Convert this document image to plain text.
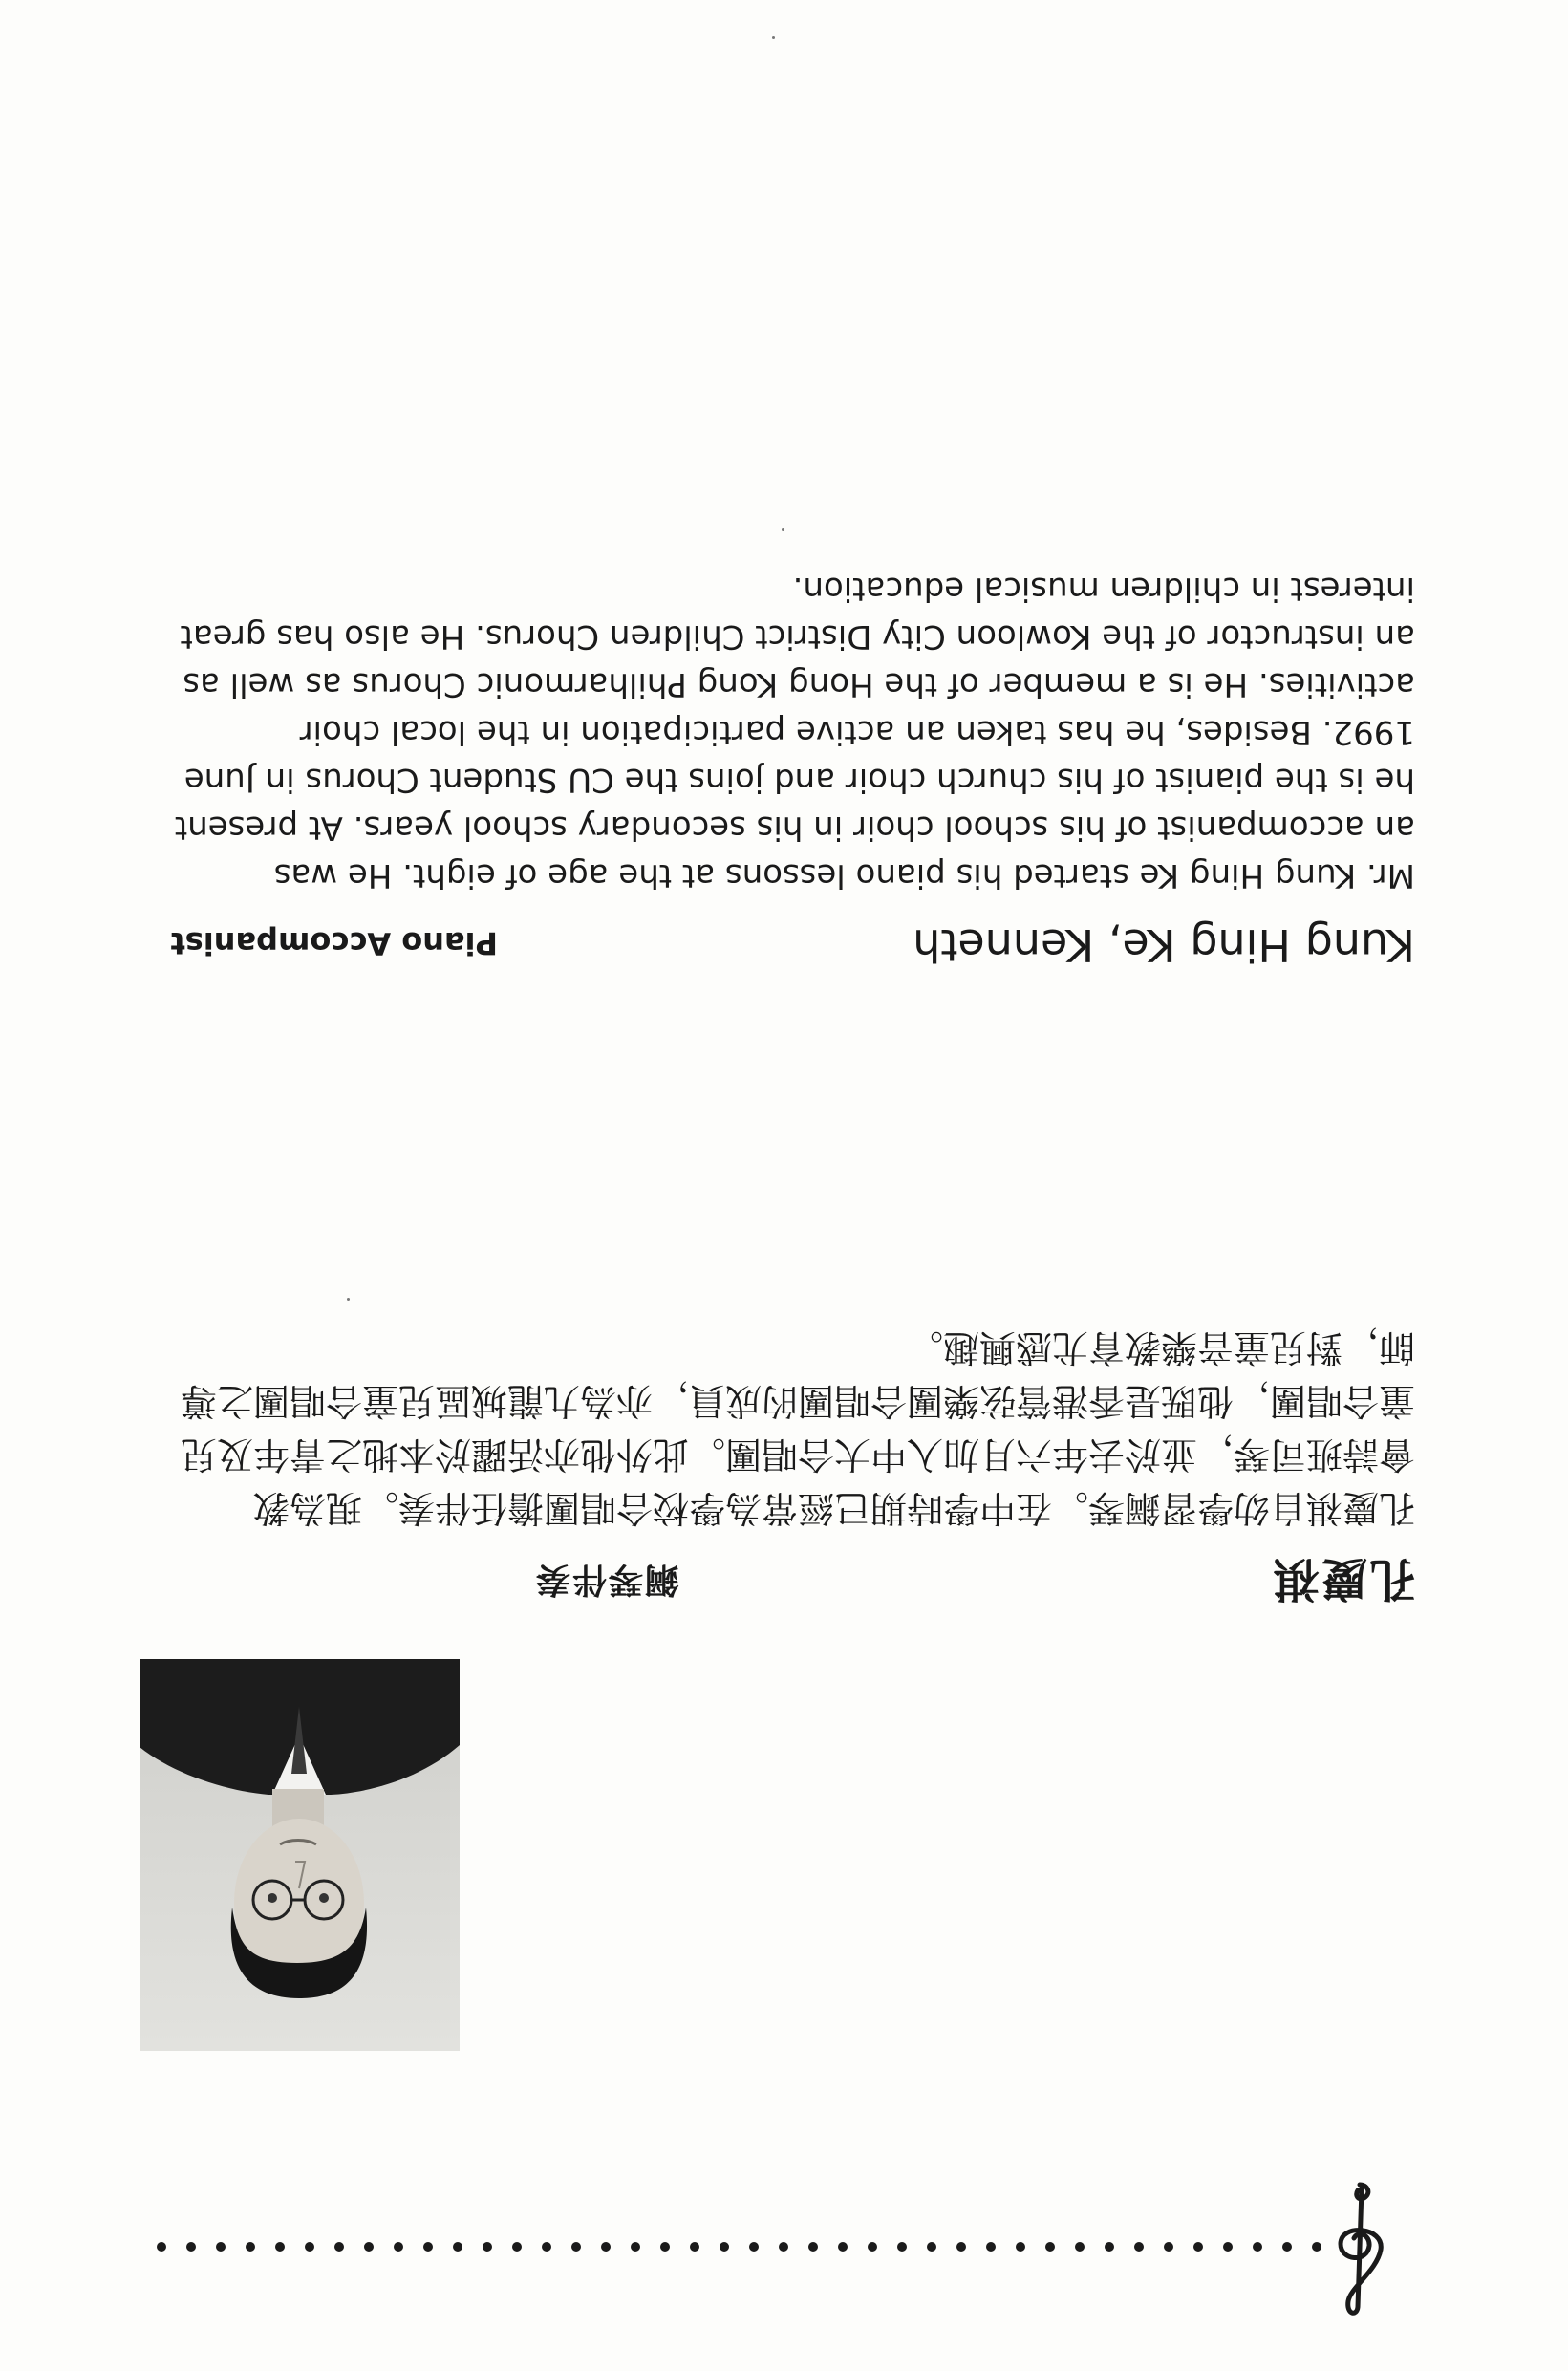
孔慶祺
鋼琴伴奏
孔慶祺自幼學習鋼琴。在中學時期已經常為學校合唱團擔任伴奏。現為教
會詩班司琴，並於去年六月加入中大合唱團。此外他亦活躍於本地之青年及兒
童合唱團，他既是香港管弦樂團合唱團的成員，亦為九龍城區兒童合唱團之導
師，對兒童音樂教育尤感興趣。
Kung Hing Ke, Kenneth
Piano Accompanist
Mr. Kung Hing Ke started his piano lessons at the age of eight. He was
an accompanist of his school choir in his secondary school years. At present
he is the pianist of his church choir and joins the CU Student Chorus in June
1992. Besides, he has taken an active participation in the local choir
activities. He is a member of the Hong Kong Philharmonic Chorus as well as
an instructor of the Kowloon City District Children Chorus. He also has great
interest in children musical education.
